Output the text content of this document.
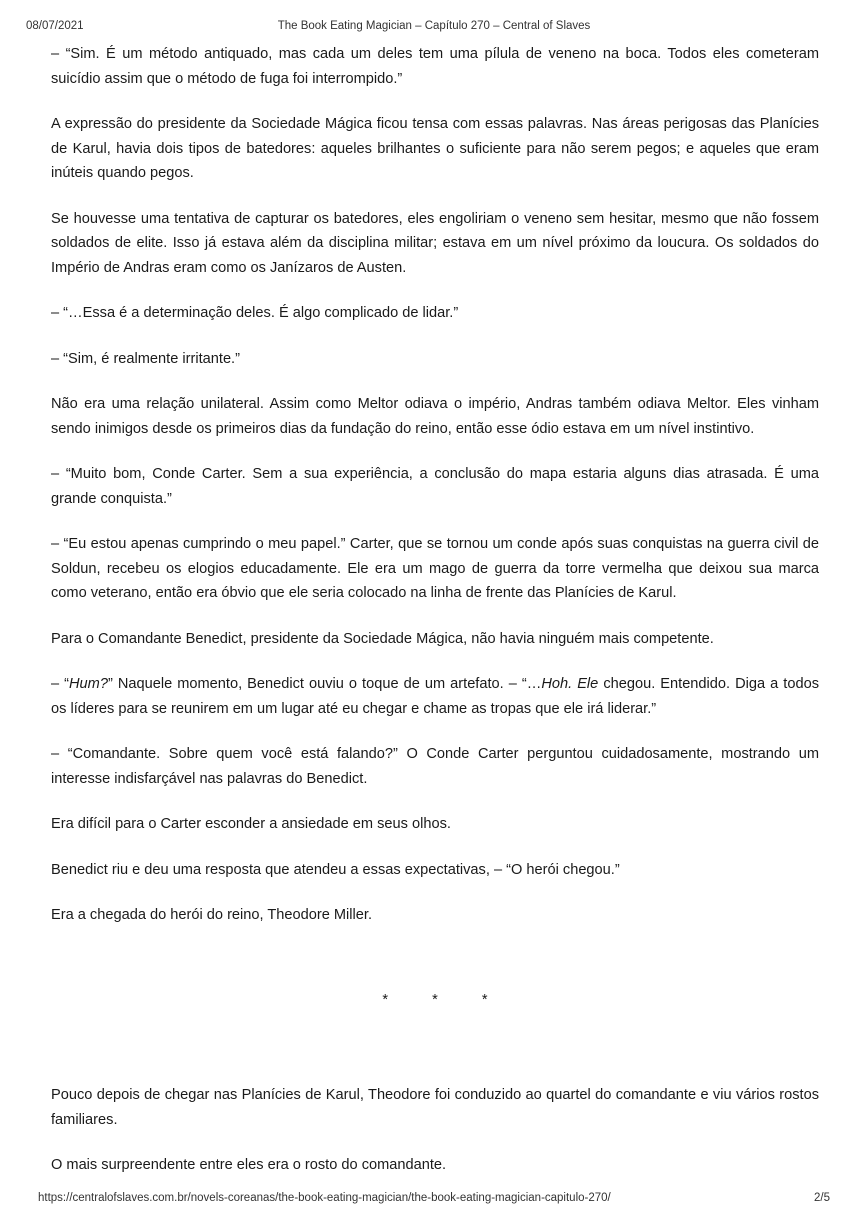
08/07/2021	The Book Eating Magician – Capítulo 270 – Central of Slaves

– “Sim. É um método antiquado, mas cada um deles tem uma pílula de veneno na boca. Todos eles cometeram suicídio assim que o método de fuga foi interrompido.”

A expressão do presidente da Sociedade Mágica ficou tensa com essas palavras. Nas áreas perigosas das Planícies de Karul, havia dois tipos de batedores: aqueles brilhantes o suficiente para não serem pegos; e aqueles que eram inúteis quando pegos.

Se houvesse uma tentativa de capturar os batedores, eles engoliriam o veneno sem hesitar, mesmo que não fossem soldados de elite. Isso já estava além da disciplina militar; estava em um nível próximo da loucura. Os soldados do Império de Andras eram como os Janízaros de Austen.

– “…Essa é a determinação deles. É algo complicado de lidar.”

– “Sim, é realmente irritante.”

Não era uma relação unilateral. Assim como Meltor odiava o império, Andras também odiava Meltor. Eles vinham sendo inimigos desde os primeiros dias da fundação do reino, então esse ódio estava em um nível instintivo.

– “Muito bom, Conde Carter. Sem a sua experiência, a conclusão do mapa estaria alguns dias atrasada. É uma grande conquista.”

– “Eu estou apenas cumprindo o meu papel.” Carter, que se tornou um conde após suas conquistas na guerra civil de Soldun, recebeu os elogios educadamente. Ele era um mago de guerra da torre vermelha que deixou sua marca como veterano, então era óbvio que ele seria colocado na linha de frente das Planícies de Karul.

Para o Comandante Benedict, presidente da Sociedade Mágica, não havia ninguém mais competente.

– “Hum?” Naquele momento, Benedict ouviu o toque de um artefato. – “…Hoh. Ele chegou. Entendido. Diga a todos os líderes para se reunirem em um lugar até eu chegar e chame as tropas que ele irá liderar.”

– “Comandante. Sobre quem você está falando?” O Conde Carter perguntou cuidadosamente, mostrando um interesse indisfarçável nas palavras do Benedict.

Era difícil para o Carter esconder a ansiedade em seus olhos.

Benedict riu e deu uma resposta que atendeu a essas expectativas, – “O herói chegou.”

Era a chegada do herói do reino, Theodore Miller.

* * *

Pouco depois de chegar nas Planícies de Karul, Theodore foi conduzido ao quartel do comandante e viu vários rostos familiares.

O mais surpreendente entre eles era o rosto do comandante.

https://centralofslaves.com.br/novels-coreanas/the-book-eating-magician/the-book-eating-magician-capitulo-270/	2/5
